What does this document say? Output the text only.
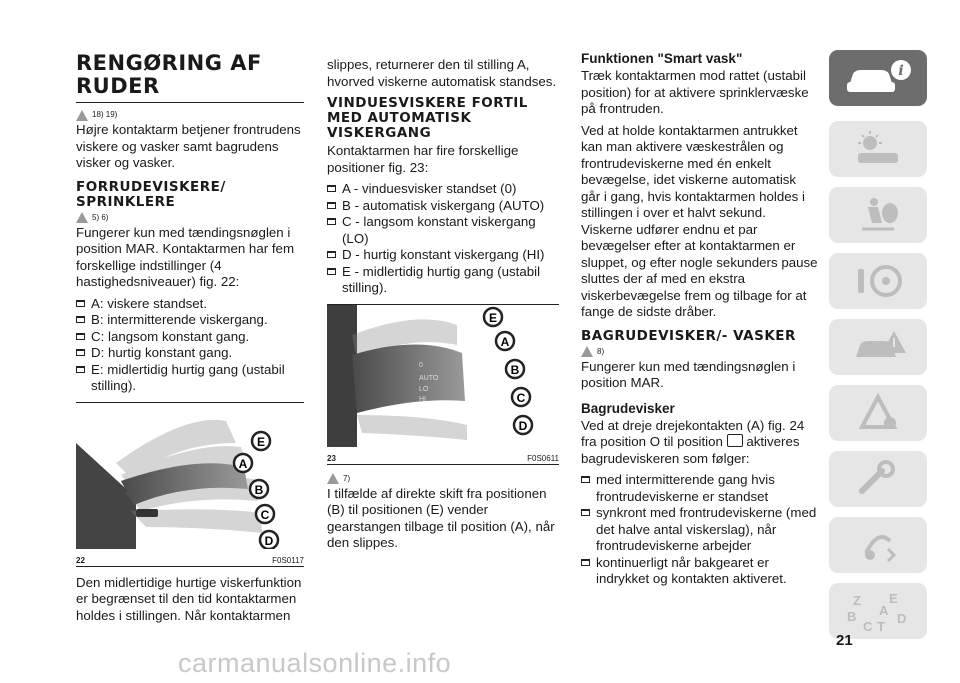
RENGØRING AF RUDER
18) 19)

Højre kontaktarm betjener frontrudens viskere og vasker samt bagrudens visker og vasker.

FORRUDEVISKERE/ SPRINKLERE
5) 6)

Fungerer kun med tændingsnøglen i position MAR. Kontaktarmen har fem forskellige indstillinger (4 hastighedsniveauer) fig. 22:

A: viskere standset.
B: intermitterende viskergang.
C: langsom konstant gang.
D: hurtig konstant gang.
E: midlertidig hurtig gang (ustabil stilling).
E
A
B
C
D
22	F0S0117

Den midlertidige hurtige viskerfunktion er begrænset til den tid kontaktarmen holdes i stillingen. Når kontaktarmen

slippes, returnerer den til stilling A, hvorved viskerne automatisk standses.

VINDUESVISKERE FORTIL MED AUTOMATISK VISKERGANG

Kontaktarmen har fire forskellige positioner fig. 23:

A - vinduesvisker standset (0)
B - automatisk viskergang (AUTO)
C - langsom konstant viskergang (LO)
D - hurtig konstant viskergang (HI)
E - midlertidig hurtig gang (ustabil stilling).
0
AUTO
LO
HI
E
A
B
C
D
23	F0S0611
7)

I tilfælde af direkte skift fra positionen (B) til positionen (E) vender gearstangen tilbage til position (A), når den slippes.

Funktionen "Smart vask"

Træk kontaktarmen mod rattet (ustabil position) for at aktivere sprinklervæske på frontruden.

Ved at holde kontaktarmen antrukket kan man aktivere væskestrålen og frontrudeviskerne med én enkelt bevægelse, idet viskerne automatisk går i gang, hvis kontaktarmen holdes i stillingen i over et halvt sekund. Viskerne udfører endnu et par bevægelser efter at kontaktarmen er sluppet, og efter nogle sekunders pause sluttes der af med en ekstra viskerbevægelse frem og tilbage for at fange de sidste dråber.

BAGRUDEVISKER/- VASKER
8)

Fungerer kun med tændingsnøglen i position MAR.

Bagrudevisker

Ved at dreje drejekontakten (A) fig. 24 fra position O til position aktiveres bagrudeviskeren som følger:

med intermitterende gang hvis frontrudeviskerne er standset
synkront med frontrudeviskerne (med det halve antal viskerslag), når frontrudeviskerne arbejder
kontinuerligt når bakgearet er indrykket og kontakten aktiveret.
i
Z E
A
B	D
C T
21
carmanualsonline.info
